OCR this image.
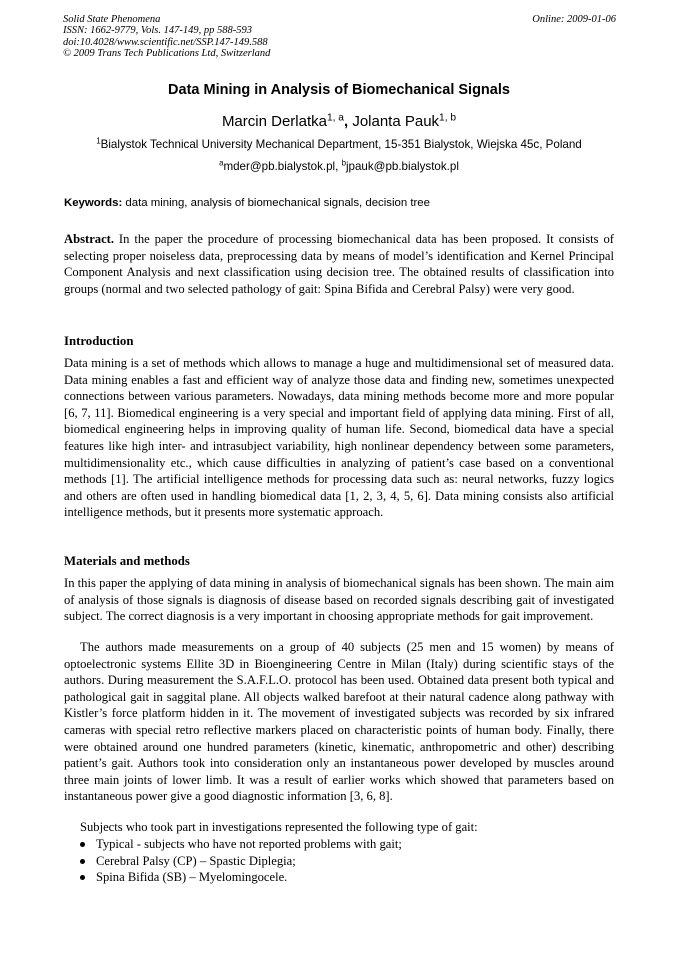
Solid State Phenomena
ISSN: 1662-9779, Vols. 147-149, pp 588-593
doi:10.4028/www.scientific.net/SSP.147-149.588
© 2009 Trans Tech Publications Ltd, Switzerland
Online: 2009-01-06
Data Mining in Analysis of Biomechanical Signals
Marcin Derlatka$^{1, a}$, Jolanta Pauk$^{1, b}$
$^1$Bialystok Technical University Mechanical Department, 15-351 Bialystok, Wiejska 45c, Poland
$^a$mder@pb.bialystok.pl, $^b$jpauk@pb.bialystok.pl
Keywords: data mining, analysis of biomechanical signals, decision tree

Abstract. In the paper the procedure of processing biomechanical data has been proposed. It consists of selecting proper noiseless data, preprocessing data by means of model’s identification and Kernel Principal Component Analysis and next classification using decision tree. The obtained results of classification into groups (normal and two selected pathology of gait: Spina Bifida and Cerebral Palsy) were very good.

Introduction

Data mining is a set of methods which allows to manage a huge and multidimensional set of measured data. Data mining enables a fast and efficient way of analyze those data and finding new, sometimes unexpected connections between various parameters. Nowadays, data mining methods become more and more popular [6, 7, 11]. Biomedical engineering is a very special and important field of applying data mining. First of all, biomedical engineering helps in improving quality of human life. Second, biomedical data have a special features like high inter- and intrasubject variability, high nonlinear dependency between some parameters, multidimensionality etc., which cause difficulties in analyzing of patient’s case based on a conventional methods [1]. The artificial intelligence methods for processing data such as: neural networks, fuzzy logics and others are often used in handling biomedical data [1, 2, 3, 4, 5, 6]. Data mining consists also artificial intelligence methods, but it presents more systematic approach.

Materials and methods

In this paper the applying of data mining in analysis of biomechanical signals has been shown. The main aim of analysis of those signals is diagnosis of disease based on recorded signals describing gait of investigated subject. The correct diagnosis is a very important in choosing appropriate methods for gait improvement.

The authors made measurements on a group of 40 subjects (25 men and 15 women) by means of optoelectronic systems Ellite 3D in Bioengineering Centre in Milan (Italy) during scientific stays of the authors. During measurement the S.A.F.L.O. protocol has been used. Obtained data present both typical and pathological gait in saggital plane. All objects walked barefoot at their natural cadence along pathway with Kistler’s force platform hidden in it. The movement of investigated subjects was recorded by six infrared cameras with special retro reflective markers placed on characteristic points of human body. Finally, there were obtained around one hundred parameters (kinetic, kinematic, anthropometric and other) describing patient’s gait. Authors took into consideration only an instantaneous power developed by muscles around three main joints of lower limb. It was a result of earlier works which showed that parameters based on instantaneous power give a good diagnostic information [3, 6, 8].

Subjects who took part in investigations represented the following type of gait:

Typical - subjects who have not reported problems with gait;
Cerebral Palsy (CP) – Spastic Diplegia;
Spina Bifida (SB) – Myelomingocele.
